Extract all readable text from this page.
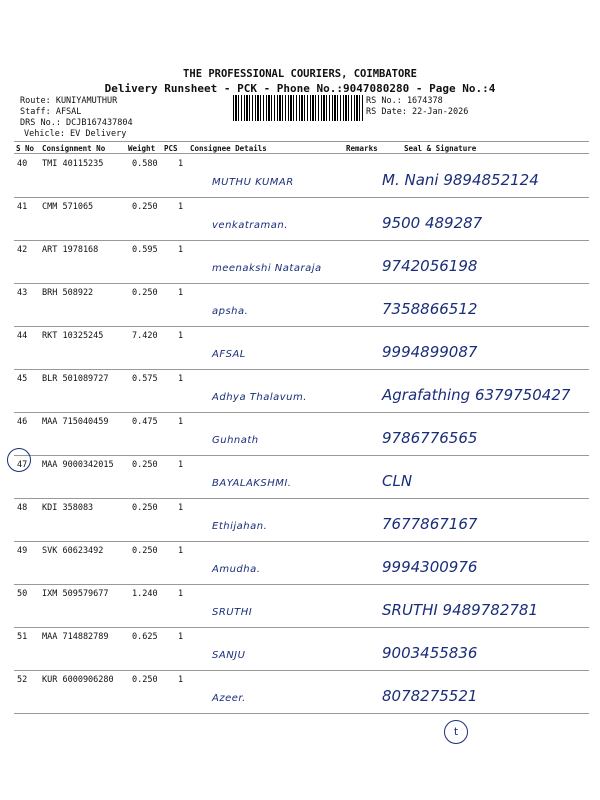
THE PROFESSIONAL COURIERS, COIMBATORE
Delivery Runsheet - PCK - Phone No.:9047080280 - Page No.:4
Route: KUNIYAMUTHUR
Staff: AFSAL
DRS No.: DCJB167437804
Vehicle: EV Delivery
RS No.: 1674378
RS Date: 22-Jan-2026
S No Consignment No	Weight PCS Consignee Details	Remarks	Seal & Signature
40 TMI 40115235	0.580 1
MUTHU KUMAR	M. Nani 9894852124
41 CMM 571065	0.250 1
venkatraman.	9500 489287
42 ART 1978168	0.595 1
meenakshi Nataraja	9742056198
43 BRH 508922	0.250 1
apsha.	7358866512
44 RKT 10325245	7.420 1
AFSAL	9994899087
45 BLR 501089727	0.575 1
Adhya Thalavum.	Agrafathing 6379750427
46 MAA 715040459	0.475 1
Guhnath	9786776565
47 MAA 9000342015 0.250 1
BAYALAKSHMI.	CLN
48 KDI 358083	0.250 1
Ethijahan.	7677867167
49 SVK 60623492	0.250 1
Amudha.	9994300976
50 IXM 509579677	1.240 1
SRUTHI	SRUTHI 9489782781
51 MAA 714882789	0.625 1
SANJU	9003455836
52 KUR 6000906280 0.250 1
Azeer.	8078275521
t
